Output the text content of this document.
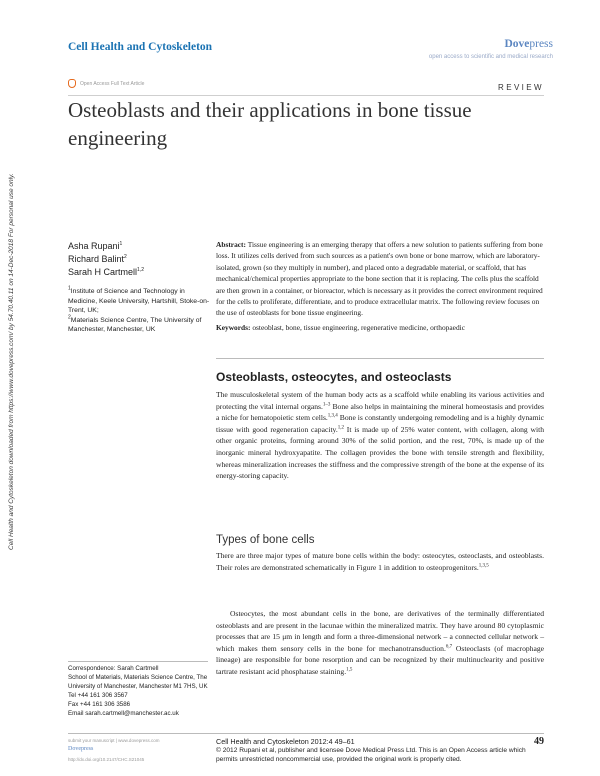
Cell Health and Cytoskeleton	Dovepress
open access to scientific and medical research
Open Access Full Text Article	REVIEW
Osteoblasts and their applications in bone tissue engineering
Cell Health and Cytoskeleton downloaded from https://www.dovepress.com/ by 54.70.40.11 on 14-Dec-2018 For personal use only.	Asha Rupani$^1$
Richard Balint$^2$
Sarah H Cartmell$^{1,2}$
$^1$Institute of Science and Technology in Medicine, Keele University, Hartshill, Stoke-on-Trent, UK;
$^2$Materials Science Centre, The University of Manchester, Manchester, UK

Abstract: Tissue engineering is an emerging therapy that offers a new solution to patients suffering from bone loss. It utilizes cells derived from such sources as a patient's own bone or bone marrow, which are laboratory-isolated, grown (so they multiply in number), and placed onto a degradable material, or scaffold, that has mechanical/chemical properties appropriate to the bone section that it is replacing. The cells plus the scaffold are then grown in a container, or bioreactor, which is necessary as it provides the correct environment required for the cells to proliferate, differentiate, and to produce extracellular matrix. The following review focuses on the use of osteoblasts for bone tissue engineering.

Keywords: osteoblast, bone, tissue engineering, regenerative medicine, orthopaedic

Osteoblasts, osteocytes, and osteoclasts

The musculoskeletal system of the human body acts as a scaffold while enabling its various activities and protecting the vital internal organs.$^{1-3}$ Bone also helps in maintaining the mineral homeostasis and provides a niche for hematopoietic stem cells.$^{1,3,4}$ Bone is constantly undergoing remodeling and is a highly dynamic tissue with good regeneration capacity.$^{1,2}$ It is made up of 25% water content, with collagen, along with other organic proteins, forming around 30% of the solid portion, and the rest, 70%, is made up of the inorganic mineral hydroxyapatite. The collagen provides the bone with tensile strength and flexibility, whereas mineralization increases the stiffness and the compressive strength of the bone at the expense of its energy-storing capacity.

Types of bone cells

There are three major types of mature bone cells within the body: osteocytes, osteoclasts, and osteoblasts. Their roles are demonstrated schematically in Figure 1 in addition to osteoprogenitors.$^{1,3,5}$

Osteocytes, the most abundant cells in the bone, are derivatives of the terminally differentiated osteoblasts and are present in the lacunae within the mineralized matrix. They have around 80 cytoplasmic processes that are 15 μm in length and form a three-dimensional network – a connected cellular network – which makes them sensory cells in the bone for mechanotransduction.$^{6,7}$ Osteoclasts (of macrophage lineage) are responsible for bone resorption and can be recognized by their multinuclearity and positive tartrate resistant acid phosphatase staining.$^{1,5}$

Correspondence: Sarah Cartmell
School of Materials, Materials Science Centre, The University of Manchester, Manchester M1 7HS, UK
Tel +44 161 306 3567
Fax +44 161 306 3586
Email sarah.cartmell@manchester.ac.uk
submit your manuscript | www.dovepress.com
Dovepress
http://dx.doi.org/10.2147/CHC.S21045
Cell Health and Cytoskeleton 2012:4 49–61	49
© 2012 Rupani et al, publisher and licensee Dove Medical Press Ltd. This is an Open Access article which permits unrestricted noncommercial use, provided the original work is properly cited.
